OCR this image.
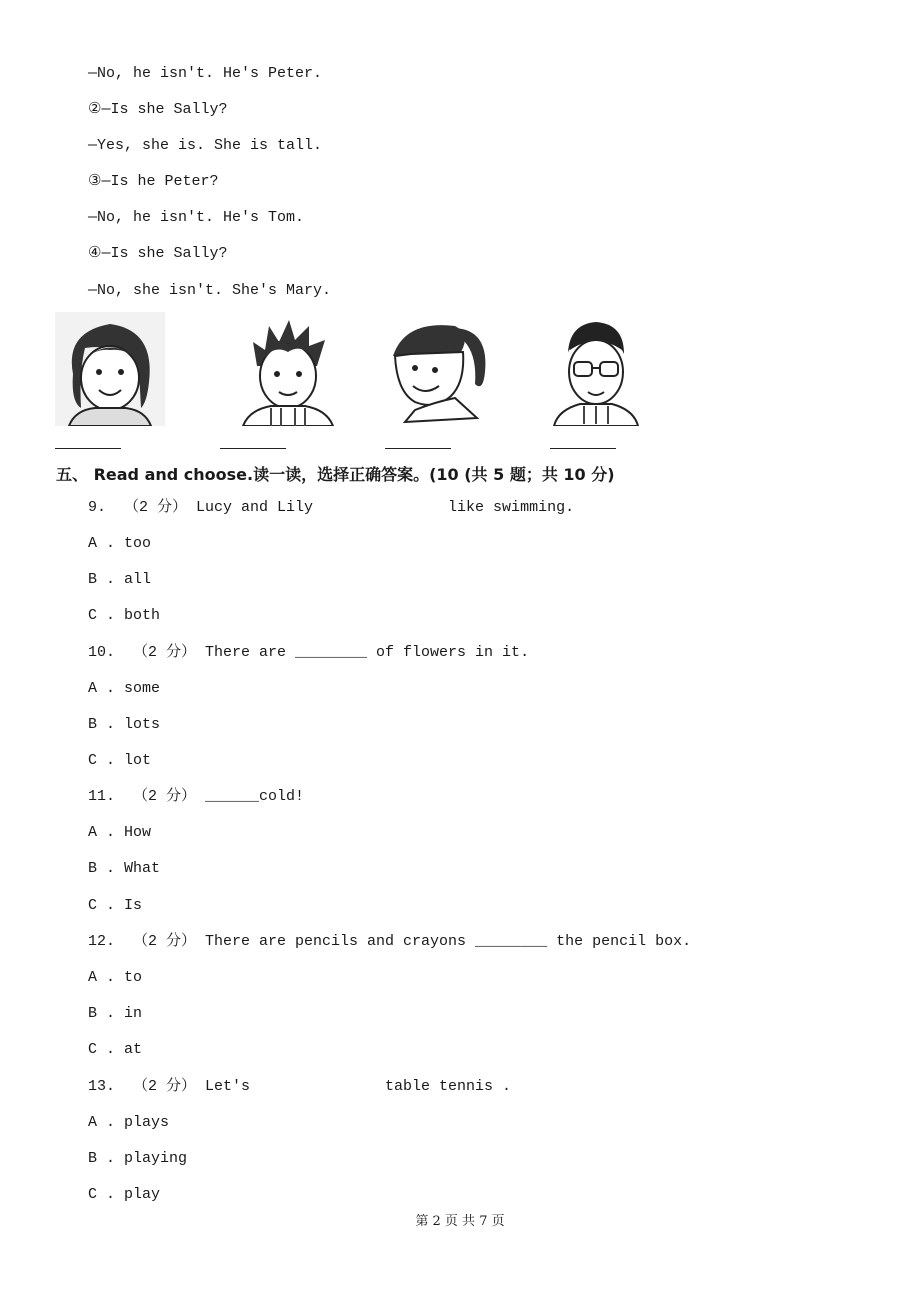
—No, he isn't. He's Peter.
②—Is she Sally?
—Yes, she is. She is tall.
③—Is he Peter?
—No, he isn't. He's Tom.
④—Is she Sally?
—No, she isn't. She's Mary.
五、 Read and choose.读一读，选择正确答案。(10 (共 5 题；共 10 分)
9.  （2 分） Lucy and Lily               like swimming.
A . too
B . all
C . both
10.  （2 分） There are ________ of flowers in it.
A . some
B . lots
C . lot
11.  （2 分） ______cold!
A . How
B . What
C . Is
12.  （2 分） There are pencils and crayons ________ the pencil box.
A . to
B . in
C . at
13.  （2 分） Let's               table tennis .
A . plays
B . playing
C . play
第 2 页 共 7 页
